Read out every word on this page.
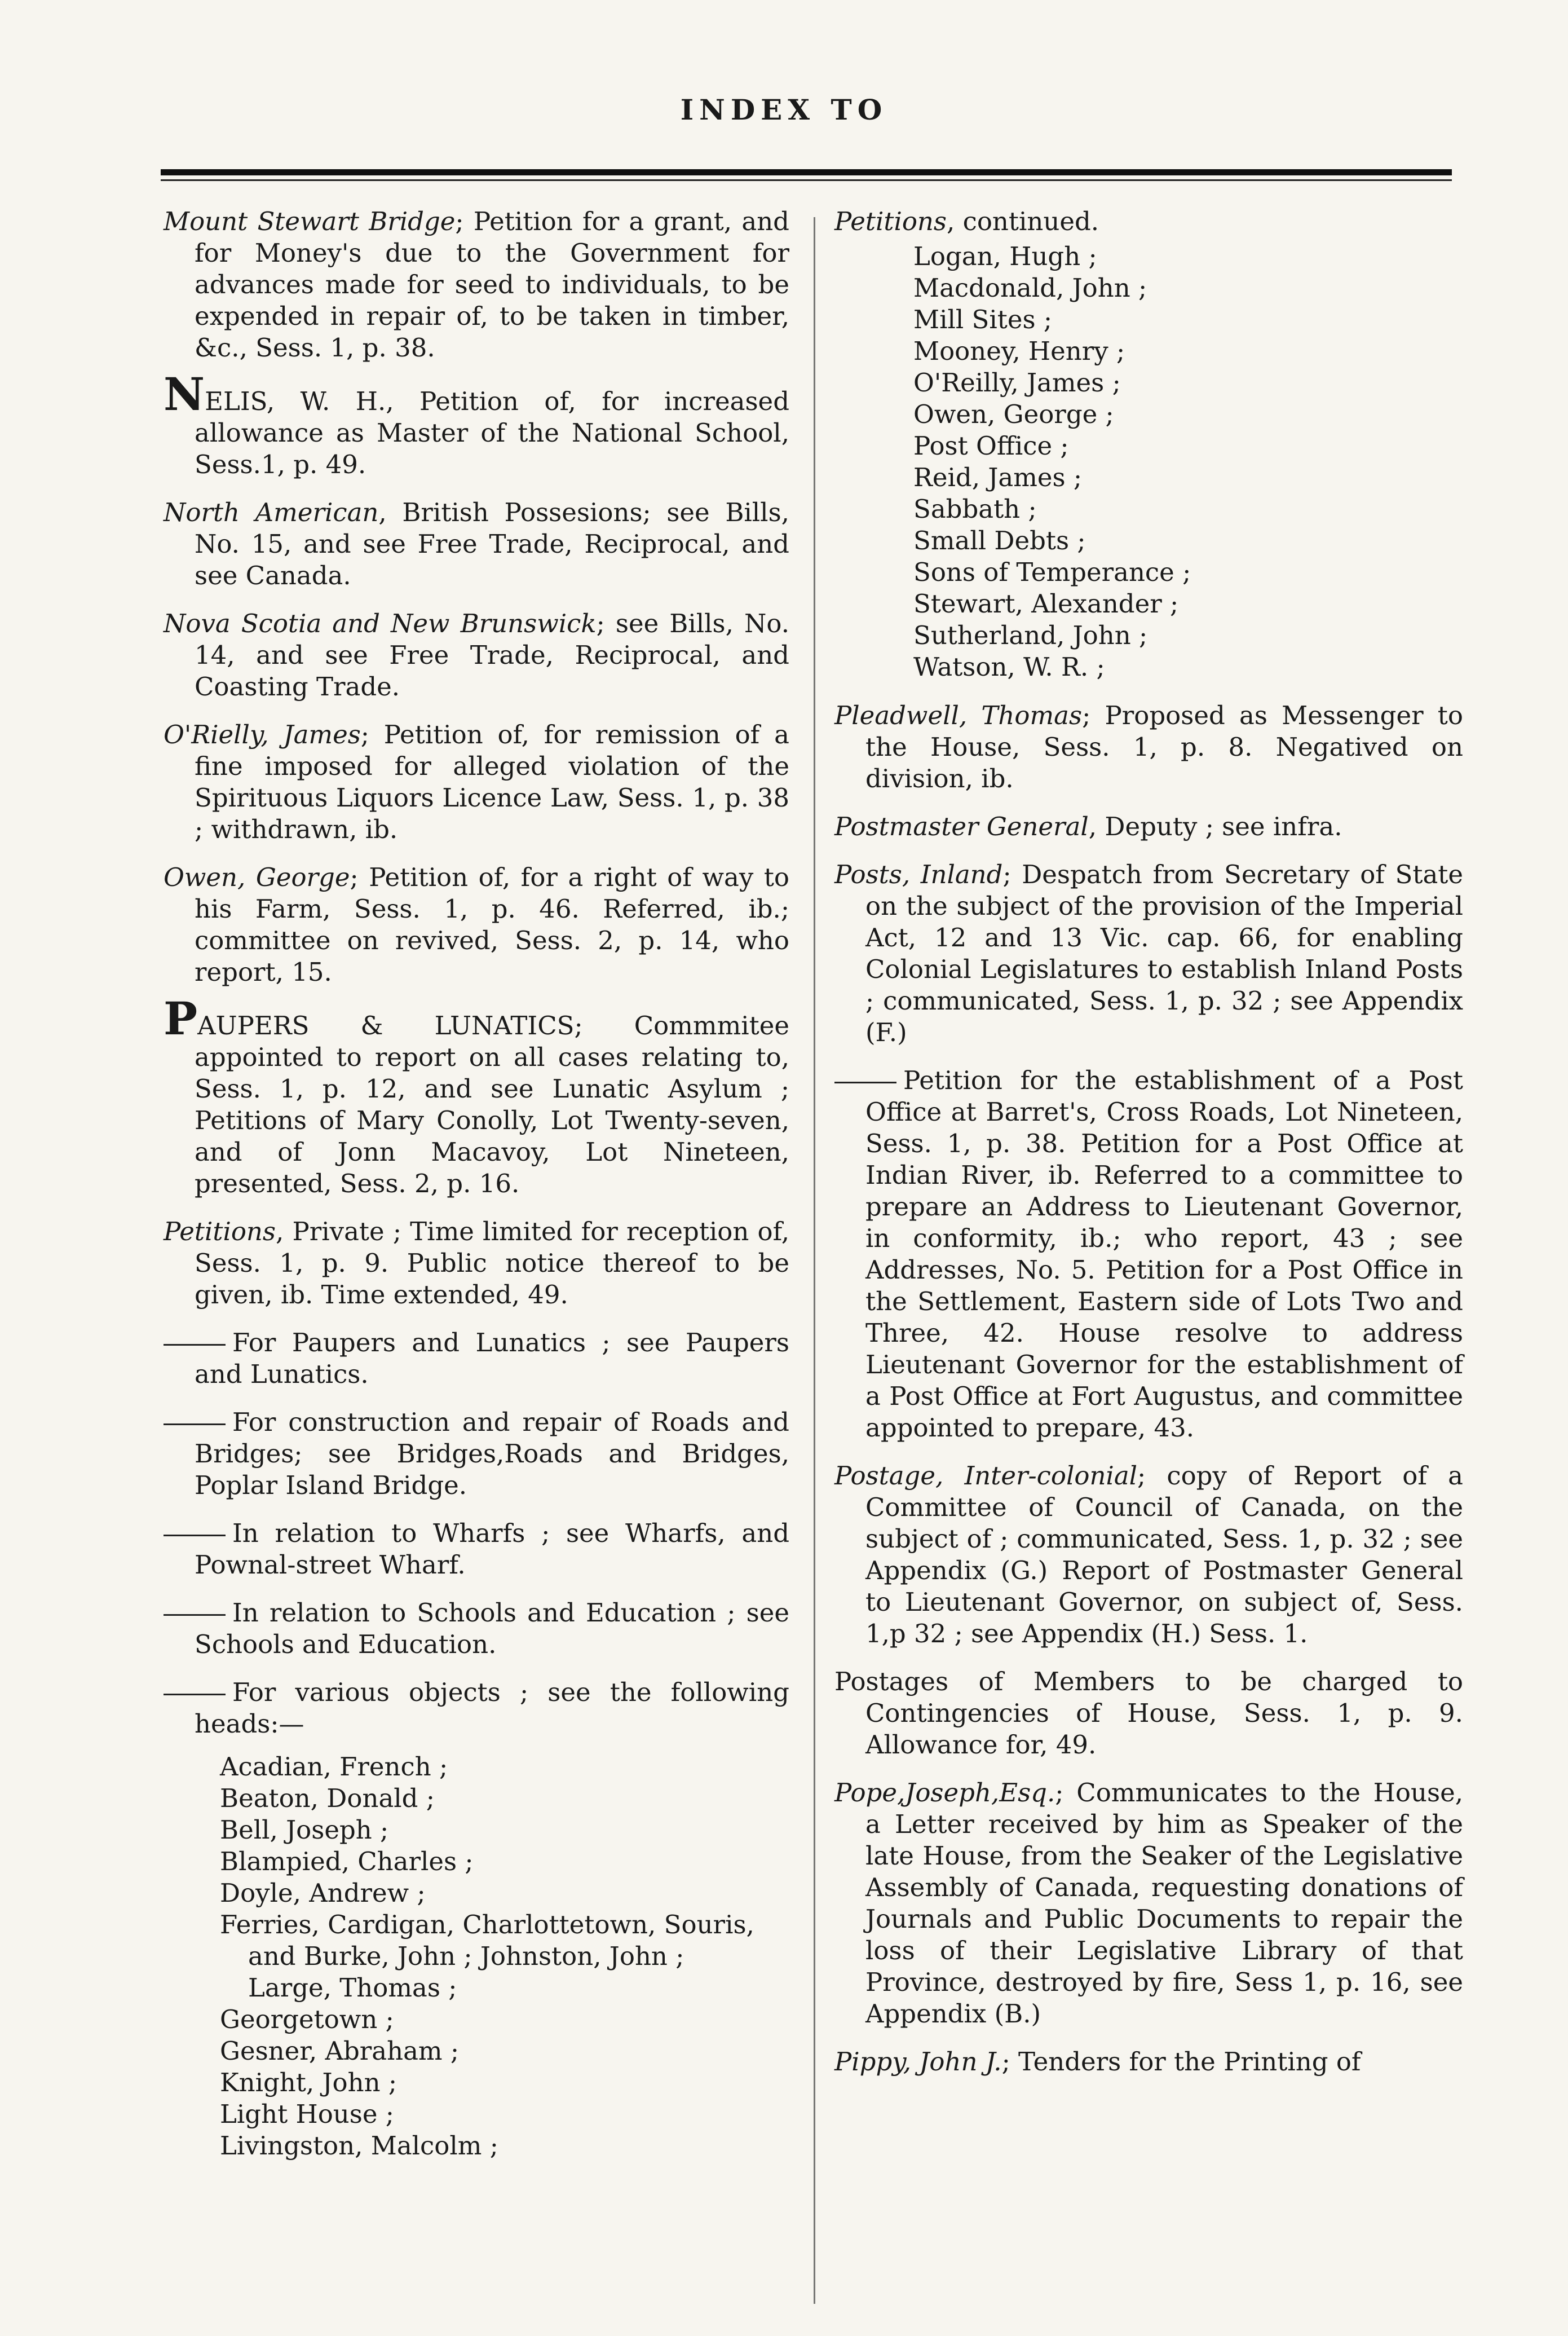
INDEX TO

Mount Stewart Bridge; Petition for a grant, and for Money's due to the Government for advances made for seed to individuals, to be expended in repair of, to be taken in timber, &c., Sess. 1, p. 38.

NELIS, W. H., Petition of, for increased allowance as Master of the National School, Sess.1, p. 49.

North American, British Possesions; see Bills, No. 15, and see Free Trade, Reciprocal, and see Canada.

Nova Scotia and New Brunswick; see Bills, No. 14, and see Free Trade, Reciprocal, and Coasting Trade.

O'Rielly, James; Petition of, for remission of a fine imposed for alleged violation of the Spirituous Liquors Licence Law, Sess. 1, p. 38 ; withdrawn, ib.

Owen, George; Petition of, for a right of way to his Farm, Sess. 1, p. 46. Referred, ib.; committee on revived, Sess. 2, p. 14, who report, 15.

PAUPERS & LUNATICS; Commmitee appointed to report on all cases relating to, Sess. 1, p. 12, and see Lunatic Asylum ; Petitions of Mary Conolly, Lot Twenty-seven, and of Jonn Macavoy, Lot Nineteen, presented, Sess. 2, p. 16.

Petitions, Private ; Time limited for reception of, Sess. 1, p. 9. Public notice thereof to be given, ib. Time extended, 49.

For Paupers and Lunatics ; see Paupers and Lunatics.

For construction and repair of Roads and Bridges; see Bridges,Roads and Bridges, Poplar Island Bridge.

In relation to Wharfs ; see Wharfs, and Pownal-street Wharf.

In relation to Schools and Education ; see Schools and Education.

For various objects ; see the following heads:—

Acadian, French ;
Beaton, Donald ;
Bell, Joseph ;
Blampied, Charles ;
Doyle, Andrew ;
Ferries, Cardigan, Charlottetown, Souris,
and Burke, John ; Johnston, John ;
Large, Thomas ;
Georgetown ;
Gesner, Abraham ;
Knight, John ;
Light House ;
Livingston, Malcolm ;

Petitions, continued.

Logan, Hugh ;
Macdonald, John ;
Mill Sites ;
Mooney, Henry ;
O'Reilly, James ;
Owen, George ;
Post Office ;
Reid, James ;
Sabbath ;
Small Debts ;
Sons of Temperance ;
Stewart, Alexander ;
Sutherland, John ;
Watson, W. R. ;

Pleadwell, Thomas; Proposed as Messenger to the House, Sess. 1, p. 8. Negatived on division, ib.

Postmaster General, Deputy ; see infra.

Posts, Inland; Despatch from Secretary of State on the subject of the provision of the Imperial Act, 12 and 13 Vic. cap. 66, for enabling Colonial Legislatures to establish Inland Posts ; communicated, Sess. 1, p. 32 ; see Appendix (F.)

Petition for the establishment of a Post Office at Barret's, Cross Roads, Lot Nineteen, Sess. 1, p. 38. Petition for a Post Office at Indian River, ib. Referred to a committee to prepare an Address to Lieutenant Governor, in conformity, ib.; who report, 43 ; see Addresses, No. 5. Petition for a Post Office in the Settlement, Eastern side of Lots Two and Three, 42. House resolve to address Lieutenant Governor for the establishment of a Post Office at Fort Augustus, and committee appointed to prepare, 43.

Postage, Inter-colonial; copy of Report of a Committee of Council of Canada, on the subject of ; communicated, Sess. 1, p. 32 ; see Appendix (G.) Report of Postmaster General to Lieutenant Governor, on subject of, Sess. 1,p 32 ; see Appendix (H.) Sess. 1.

Postages of Members to be charged to Contingencies of House, Sess. 1, p. 9. Allowance for, 49.

Pope,Joseph,Esq.; Communicates to the House, a Letter received by him as Speaker of the late House, from the Seaker of the Legislative Assembly of Canada, requesting donations of Journals and Public Documents to repair the loss of their Legislative Library of that Province, destroyed by fire, Sess 1, p. 16, see Appendix (B.)

Pippy, John J.; Tenders for the Printing of
